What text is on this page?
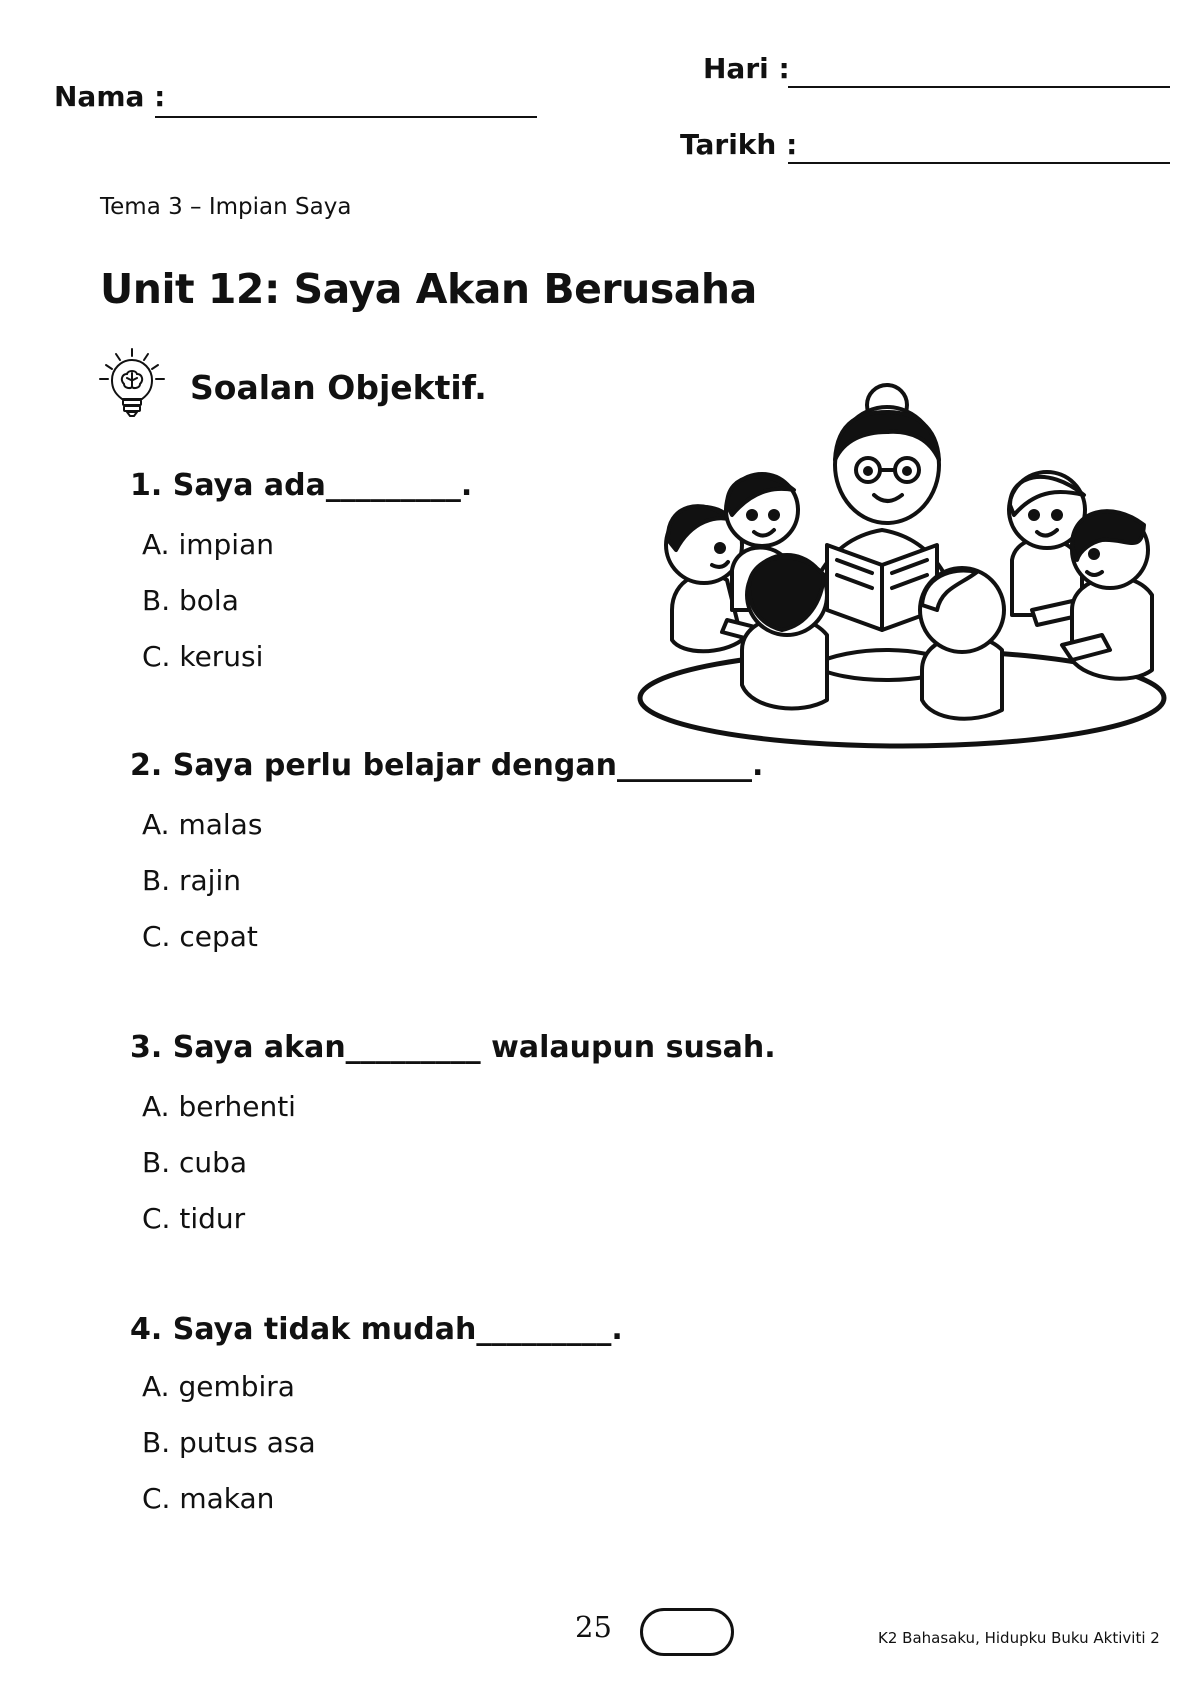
Nama :
Hari :
Tarikh :
Tema 3 – Impian Saya
Unit 12: Saya Akan Berusaha
Soalan Objektif.
1. Saya ada_________.
A. impian
B. bola
C. kerusi
2. Saya perlu belajar dengan_________.
A. malas
B. rajin
C. cepat
3. Saya akan_________ walaupun susah.
A. berhenti
B. cuba
C. tidur
4. Saya tidak mudah_________.
A. gembira
B. putus asa
C. makan
25	K2 Bahasaku, Hidupku Buku Aktiviti 2
